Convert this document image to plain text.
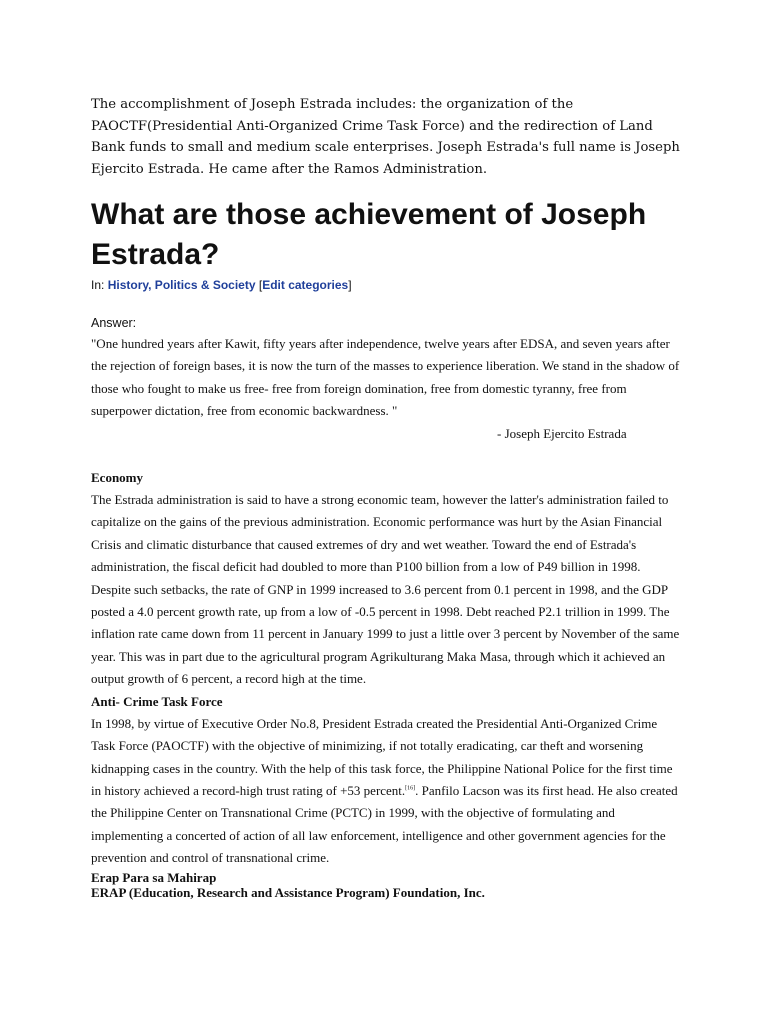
The accomplishment of Joseph Estrada includes: the organization of the PAOCTF(Presidential Anti-Organized Crime Task Force) and the redirection of Land Bank funds to small and medium scale enterprises. Joseph Estrada's full name is Joseph Ejercito Estrada. He came after the Ramos Administration.

What are those achievement of Joseph Estrada?

In: History, Politics & Society [Edit categories]

Answer:

"One hundred years after Kawit, fifty years after independence, twelve years after EDSA, and seven years after the rejection of foreign bases, it is now the turn of the masses to experience liberation. We stand in the shadow of those who fought to make us free- free from foreign domination, free from domestic tyranny, free from superpower dictation, free from economic backwardness. "

- Joseph Ejercito Estrada

Economy

The Estrada administration is said to have a strong economic team, however the latter's administration failed to capitalize on the gains of the previous administration. Economic performance was hurt by the Asian Financial Crisis and climatic disturbance that caused extremes of dry and wet weather. Toward the end of Estrada's administration, the fiscal deficit had doubled to more than P100 billion from a low of P49 billion in 1998. Despite such setbacks, the rate of GNP in 1999 increased to 3.6 percent from 0.1 percent in 1998, and the GDP posted a 4.0 percent growth rate, up from a low of -0.5 percent in 1998. Debt reached P2.1 trillion in 1999. The inflation rate came down from 11 percent in January 1999 to just a little over 3 percent by November of the same year. This was in part due to the agricultural program Agrikulturang Maka Masa, through which it achieved an output growth of 6 percent, a record high at the time.

Anti- Crime Task Force

In 1998, by virtue of Executive Order No.8, President Estrada created the Presidential Anti-Organized Crime Task Force (PAOCTF) with the objective of minimizing, if not totally eradicating, car theft and worsening kidnapping cases in the country. With the help of this task force, the Philippine National Police for the first time in history achieved a record-high trust rating of +53 percent.[16]. Panfilo Lacson was its first head. He also created the Philippine Center on Transnational Crime (PCTC) in 1999, with the objective of formulating and implementing a concerted of action of all law enforcement, intelligence and other government agencies for the prevention and control of transnational crime.

Erap Para sa Mahirap

ERAP (Education, Research and Assistance Program) Foundation, Inc.
